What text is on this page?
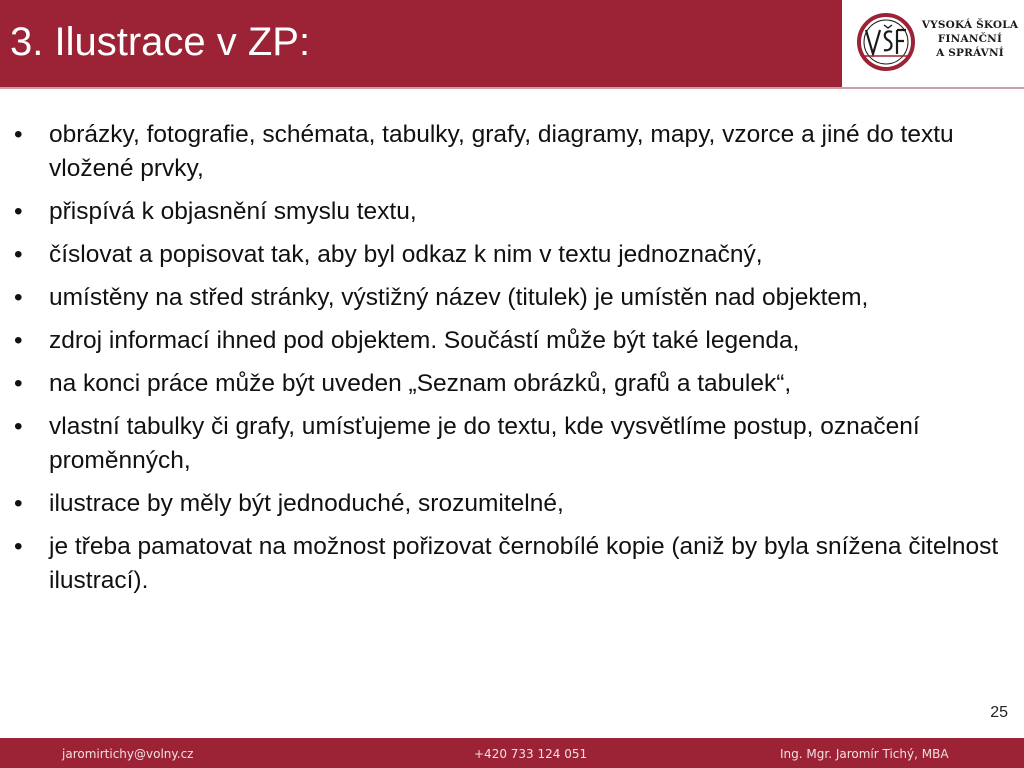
3. Ilustrace v ZP:	VYSOKÁ ŠKOLA
FINANČNÍ
A SPRÁVNÍ
• obrázky, fotografie, schémata, tabulky, grafy, diagramy, mapy, vzorce a jiné do textu vložené prvky,
• přispívá k objasnění smyslu textu,
• číslovat a popisovat tak, aby byl odkaz k nim v textu jednoznačný,
• umístěny na střed stránky, výstižný název (titulek) je umístěn nad objektem,
• zdroj informací ihned pod objektem. Součástí může být také legenda,
• na konci práce může být uveden „Seznam obrázků, grafů a tabulek“,
• vlastní tabulky či grafy, umísťujeme je do textu, kde vysvětlíme postup, označení proměnných,
• ilustrace by měly být jednoduché, srozumitelné,
• je třeba pamatovat na možnost pořizovat černobílé kopie (aniž by byla snížena čitelnost ilustrací).
25
jaromirtichy@volny.cz	+420 733 124 051	Ing. Mgr. Jaromír Tichý, MBA
